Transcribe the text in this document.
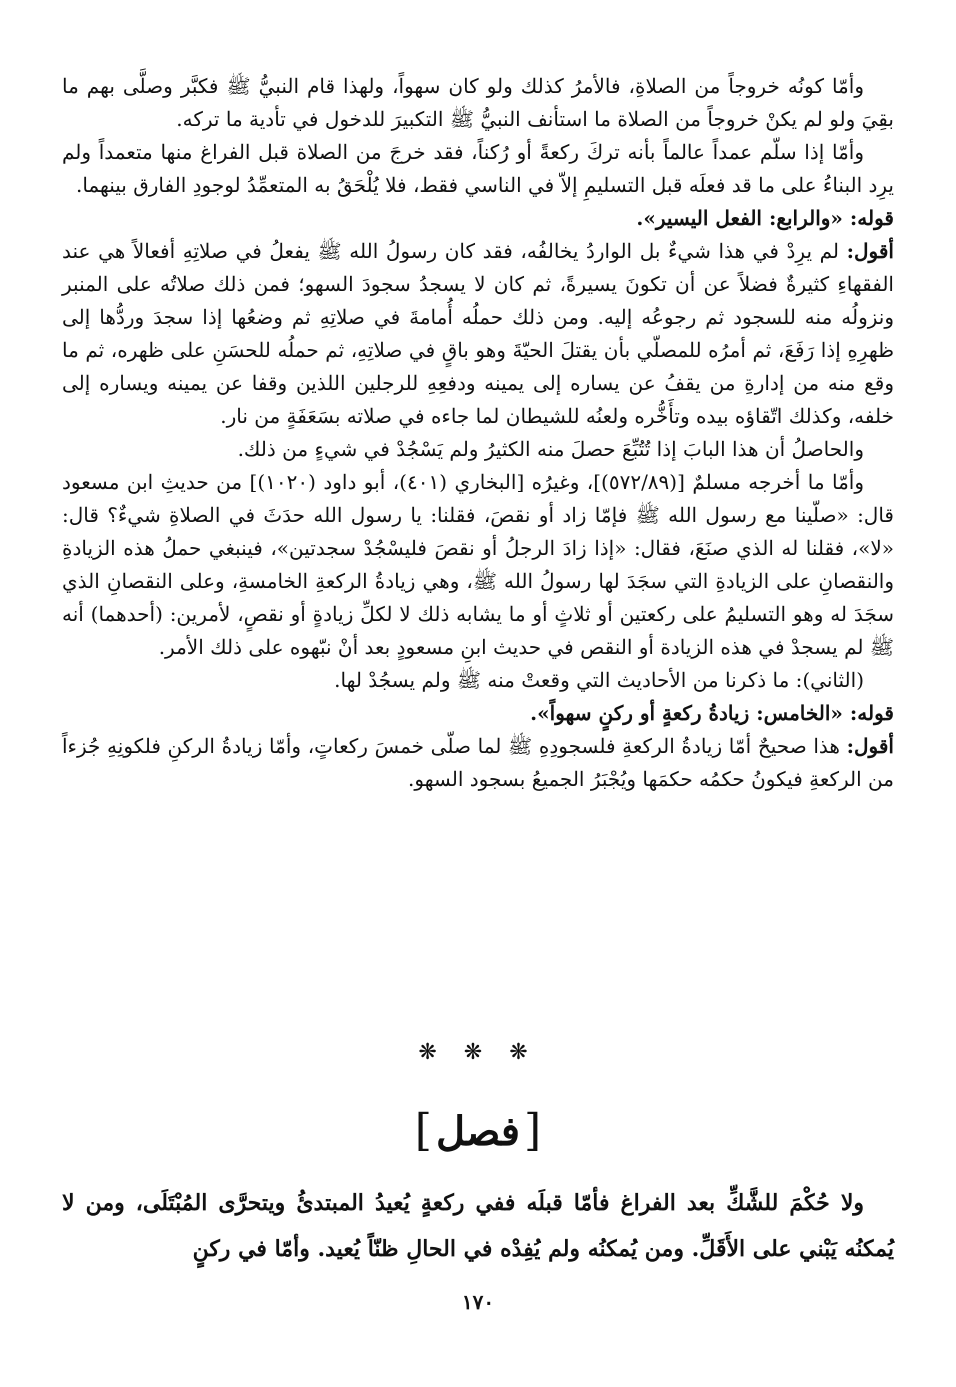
وأمّا كونُه خروجاً من الصلاةِ، فالأمرُ كذلك ولو كان سهواً، ولهذا قام النبيُّ ﷺ فكبَّر وصلَّى بهم ما بقِيَ ولو لم يكنْ خروجاً من الصلاة ما استأنف النبيُّ ﷺ التكبيرَ للدخول في تأدية ما تركه.

وأمّا إذا سلّم عمداً عالماً بأنه تركَ ركعةً أو رُكناً، فقد خرجَ من الصلاة قبل الفراغ منها متعمداً ولم يرِد البناءُ على ما قد فعلَه قبل التسليمِ إلاّ في الناسي فقط، فلا يُلْحَقُ به المتعمِّدُ لوجودِ الفارق بينهما.

قوله: «والرابع: الفعل اليسير».

أقول: لم يرِدْ في هذا شيءٌ بل الواردُ يخالفُه، فقد كان رسولُ الله ﷺ يفعلُ في صلاتِهِ أفعالاً هي عند الفقهاءِ كثيرةٌ فضلاً عن أن تكونَ يسيرةً، ثم كان لا يسجدُ سجودَ السهو؛ فمن ذلك صلاتُه على المنبر ونزولُه منه للسجود ثم رجوعُه إليه. ومن ذلك حملُه أُمامةَ في صلاتِهِ ثم وضعُها إذا سجدَ وردُّها إلى ظهرِهِ إذا رَفَعَ، ثم أمرُه للمصلّي بأن يقتلَ الحيّةَ وهو باقٍ في صلاتِهِ، ثم حملُه للحسَنِ على ظهره، ثم ما وقع منه من إدارةِ من يقفُ عن يساره إلى يمينه ودفعِهِ للرجلين اللذين وقفا عن يمينه ويساره إلى خلفه، وكذلك اتّقاؤه بيده وتأَخُّره ولعنُه للشيطان لما جاءه في صلاته بسَعَفَةٍ من نار.

والحاصلُ أن هذا البابَ إذا تُتُبِّعَ حصلَ منه الكثيرُ ولم يَسْجُدْ في شيءٍ من ذلك.

وأمّا ما أخرجه مسلمٌ [(٥٧٢/٨٩)]، وغيرُه [البخاري (٤٠١)، أبو داود (١٠٢٠)] من حديثِ ابن مسعود قال: «صلّينا مع رسول الله ﷺ فإمّا زاد أو نقصَ، فقلنا: يا رسول الله حدَثَ في الصلاةِ شيءٌ؟ قال: «لا»، فقلنا له الذي صنَعَ، فقال: «إذا زادَ الرجلُ أو نقصَ فليسْجُدْ سجدتين»، فينبغي حملُ هذه الزيادةِ والنقصانِ على الزيادةِ التي سجَدَ لها رسولُ الله ﷺ، وهي زيادةُ الركعةِ الخامسةِ، وعلى النقصانِ الذي سجَدَ له وهو التسليمُ على ركعتين أو ثلاثٍ أو ما يشابه ذلك لا لكلِّ زيادةٍ أو نقصٍ، لأمرين: (أحدهما) أنه ﷺ لم يسجدْ في هذه الزيادة أو النقص في حديث ابنِ مسعودٍ بعد أنْ نبّهوه على ذلك الأمر.

(الثاني): ما ذكرنا من الأحاديث التي وقعتْ منه ﷺ ولم يسجُدْ لها.

قوله: «الخامس: زيادةُ ركعةٍ أو ركنٍ سهواً».

أقول: هذا صحيحٌ أمّا زيادةُ الركعةِ فلسجودِهِ ﷺ لما صلّى خمسَ ركعاتٍ، وأمّا زيادةُ الركنِ فلكونِهِ جُزءاً من الركعةِ فيكونُ حكمُه حكمَها ويُجْبَرُ الجميعُ بسجود السهو.

❋ ❋ ❋
[فصل]

ولا حُكْمَ للشَّكِّ بعد الفراغ فأمّا قبلَه ففي ركعةٍ يُعيدُ المبتدئُ ويتحرَّى المُبْتَلَى، ومن لا يُمكنُه يَبْني على الأَقَلِّ. ومن يُمكنُه ولم يُفِدْه في الحالِ ظنّاً يُعيد. وأمّا في ركنٍ

١٧٠
